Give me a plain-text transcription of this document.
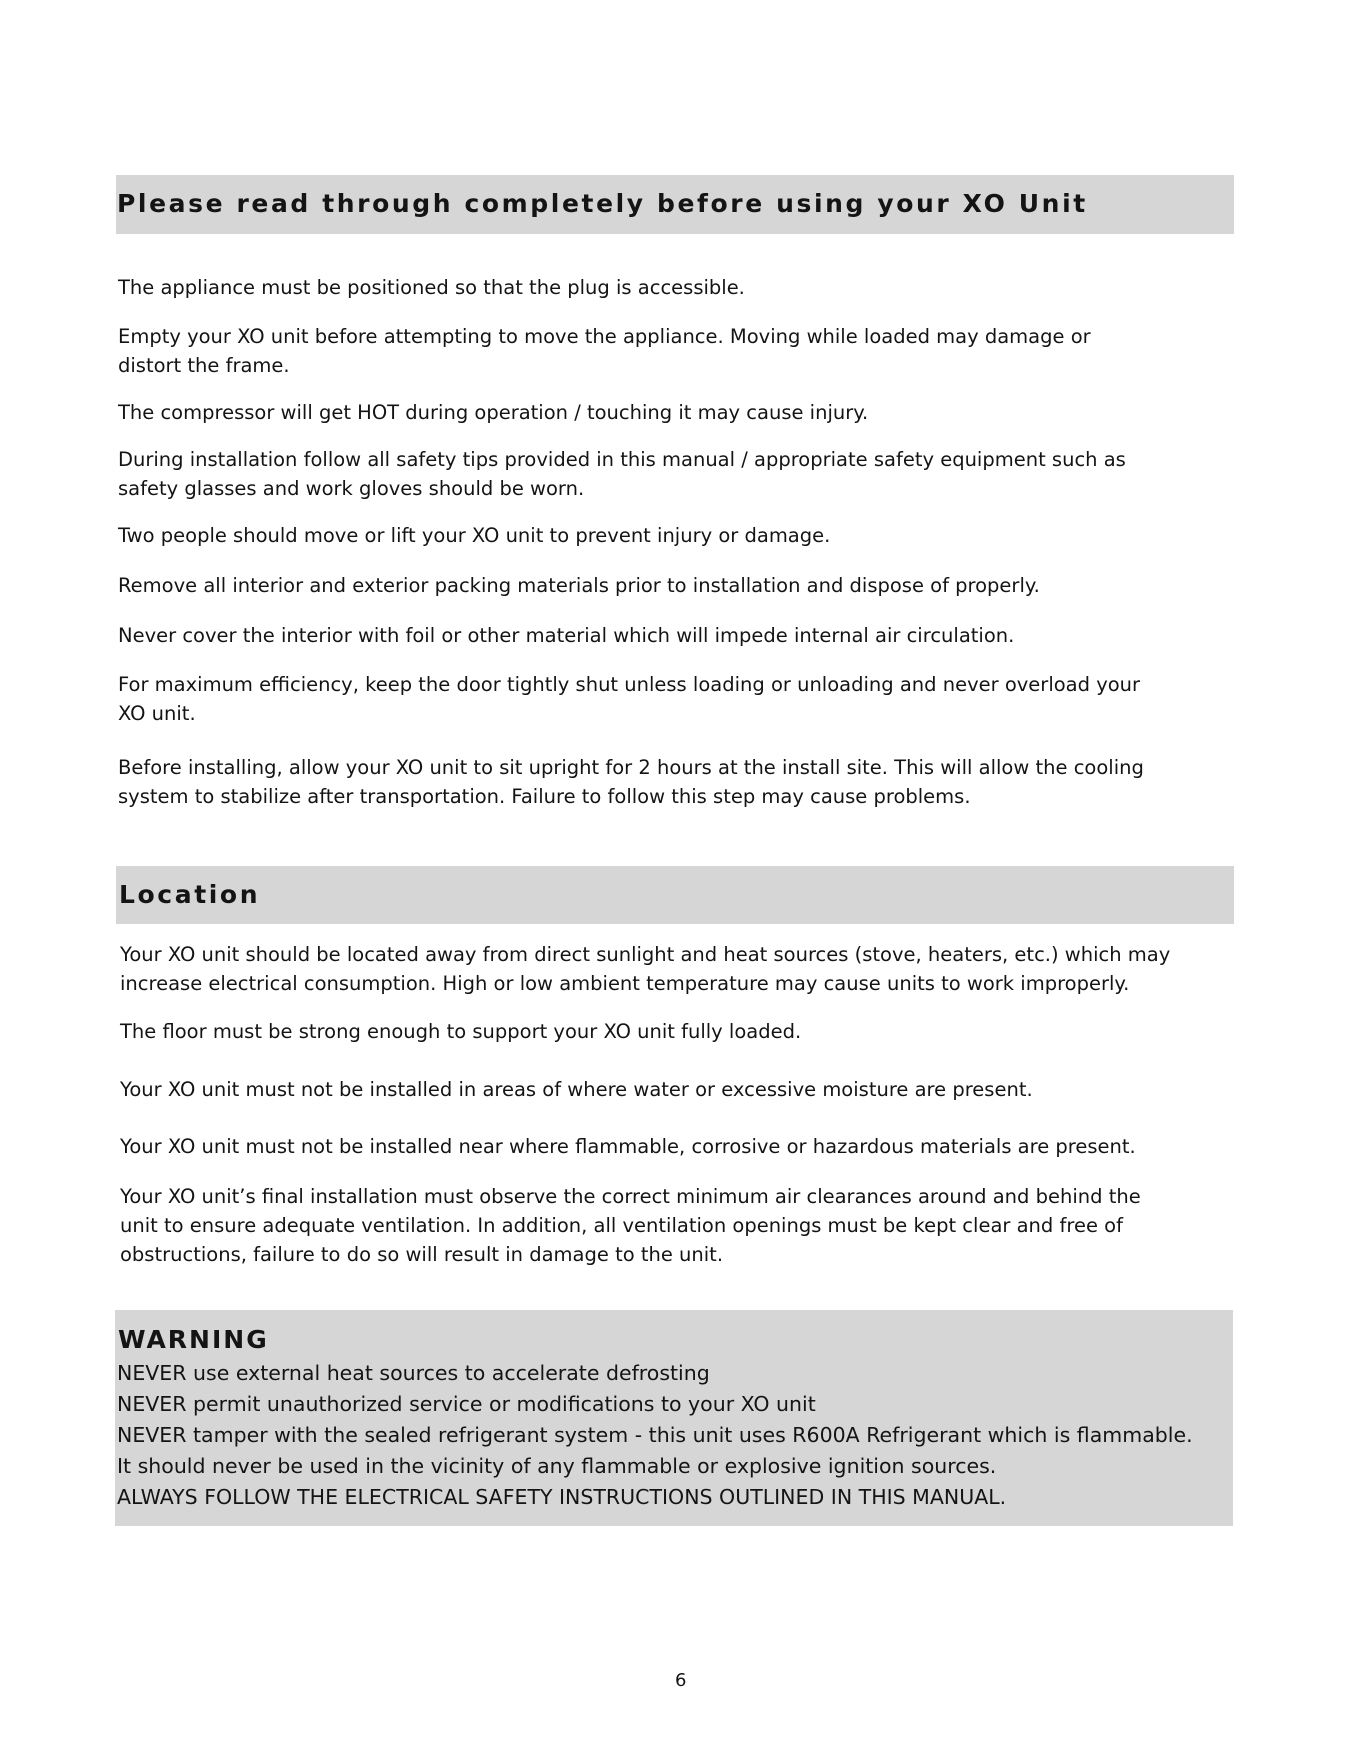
Please read through completely before using your XO Unit
The appliance must be positioned so that the plug is accessible.
Empty your XO unit before attempting to move the appliance. Moving while loaded may damage or
distort the frame.
The compressor will get HOT during operation / touching it may cause injury.
During installation follow all safety tips provided in this manual / appropriate safety equipment such as
safety glasses and work gloves should be worn.
Two people should move or lift your XO unit to prevent injury or damage.
Remove all interior and exterior packing materials prior to installation and dispose of properly.
Never cover the interior with foil or other material which will impede internal air circulation.
For maximum efficiency, keep the door tightly shut unless loading or unloading and never overload your
XO unit.
Before installing, allow your XO unit to sit upright for 2 hours at the install site. This will allow the cooling
system to stabilize after transportation. Failure to follow this step may cause problems.
Location
Your XO unit should be located away from direct sunlight and heat sources (stove, heaters, etc.) which may
increase electrical consumption. High or low ambient temperature may cause units to work improperly.
The floor must be strong enough to support your XO unit fully loaded.
Your XO unit must not be installed in areas of where water or excessive moisture are present.
Your XO unit must not be installed near where flammable, corrosive or hazardous materials are present.
Your XO unit’s final installation must observe the correct minimum air clearances around and behind the
unit to ensure adequate ventilation. In addition, all ventilation openings must be kept clear and free of
obstructions, failure to do so will result in damage to the unit.
WARNING
NEVER use external heat sources to accelerate defrosting
NEVER permit unauthorized service or modifications to your XO unit
NEVER tamper with the sealed refrigerant system - this unit uses R600A Refrigerant which is flammable.
It should never be used in the vicinity of any flammable or explosive ignition sources.
ALWAYS FOLLOW THE ELECTRICAL SAFETY INSTRUCTIONS OUTLINED IN THIS MANUAL.
6
